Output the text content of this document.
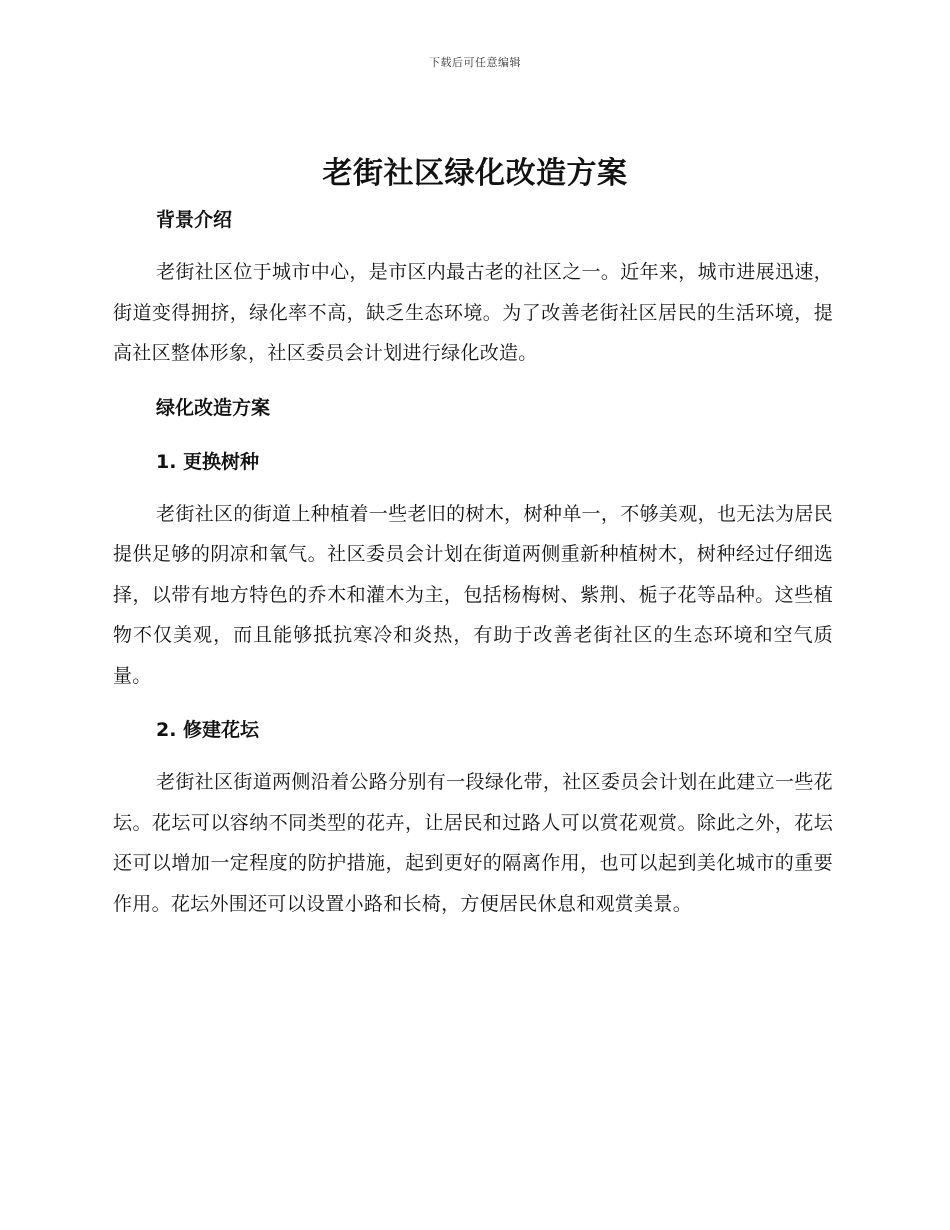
下载后可任意编辑
老街社区绿化改造方案
背景介绍

老街社区位于城市中心，是市区内最古老的社区之一。近年来，城市进展迅速，街道变得拥挤，绿化率不高，缺乏生态环境。为了改善老街社区居民的生活环境，提高社区整体形象，社区委员会计划进行绿化改造。

绿化改造方案
1. 更换树种

老街社区的街道上种植着一些老旧的树木，树种单一，不够美观，也无法为居民提供足够的阴凉和氧气。社区委员会计划在街道两侧重新种植树木，树种经过仔细选择，以带有地方特色的乔木和灌木为主，包括杨梅树、紫荆、栀子花等品种。这些植物不仅美观，而且能够抵抗寒冷和炎热，有助于改善老街社区的生态环境和空气质量。

2. 修建花坛

老街社区街道两侧沿着公路分别有一段绿化带，社区委员会计划在此建立一些花坛。花坛可以容纳不同类型的花卉，让居民和过路人可以赏花观赏。除此之外，花坛还可以增加一定程度的防护措施，起到更好的隔离作用，也可以起到美化城市的重要作用。花坛外围还可以设置小路和长椅，方便居民休息和观赏美景。
